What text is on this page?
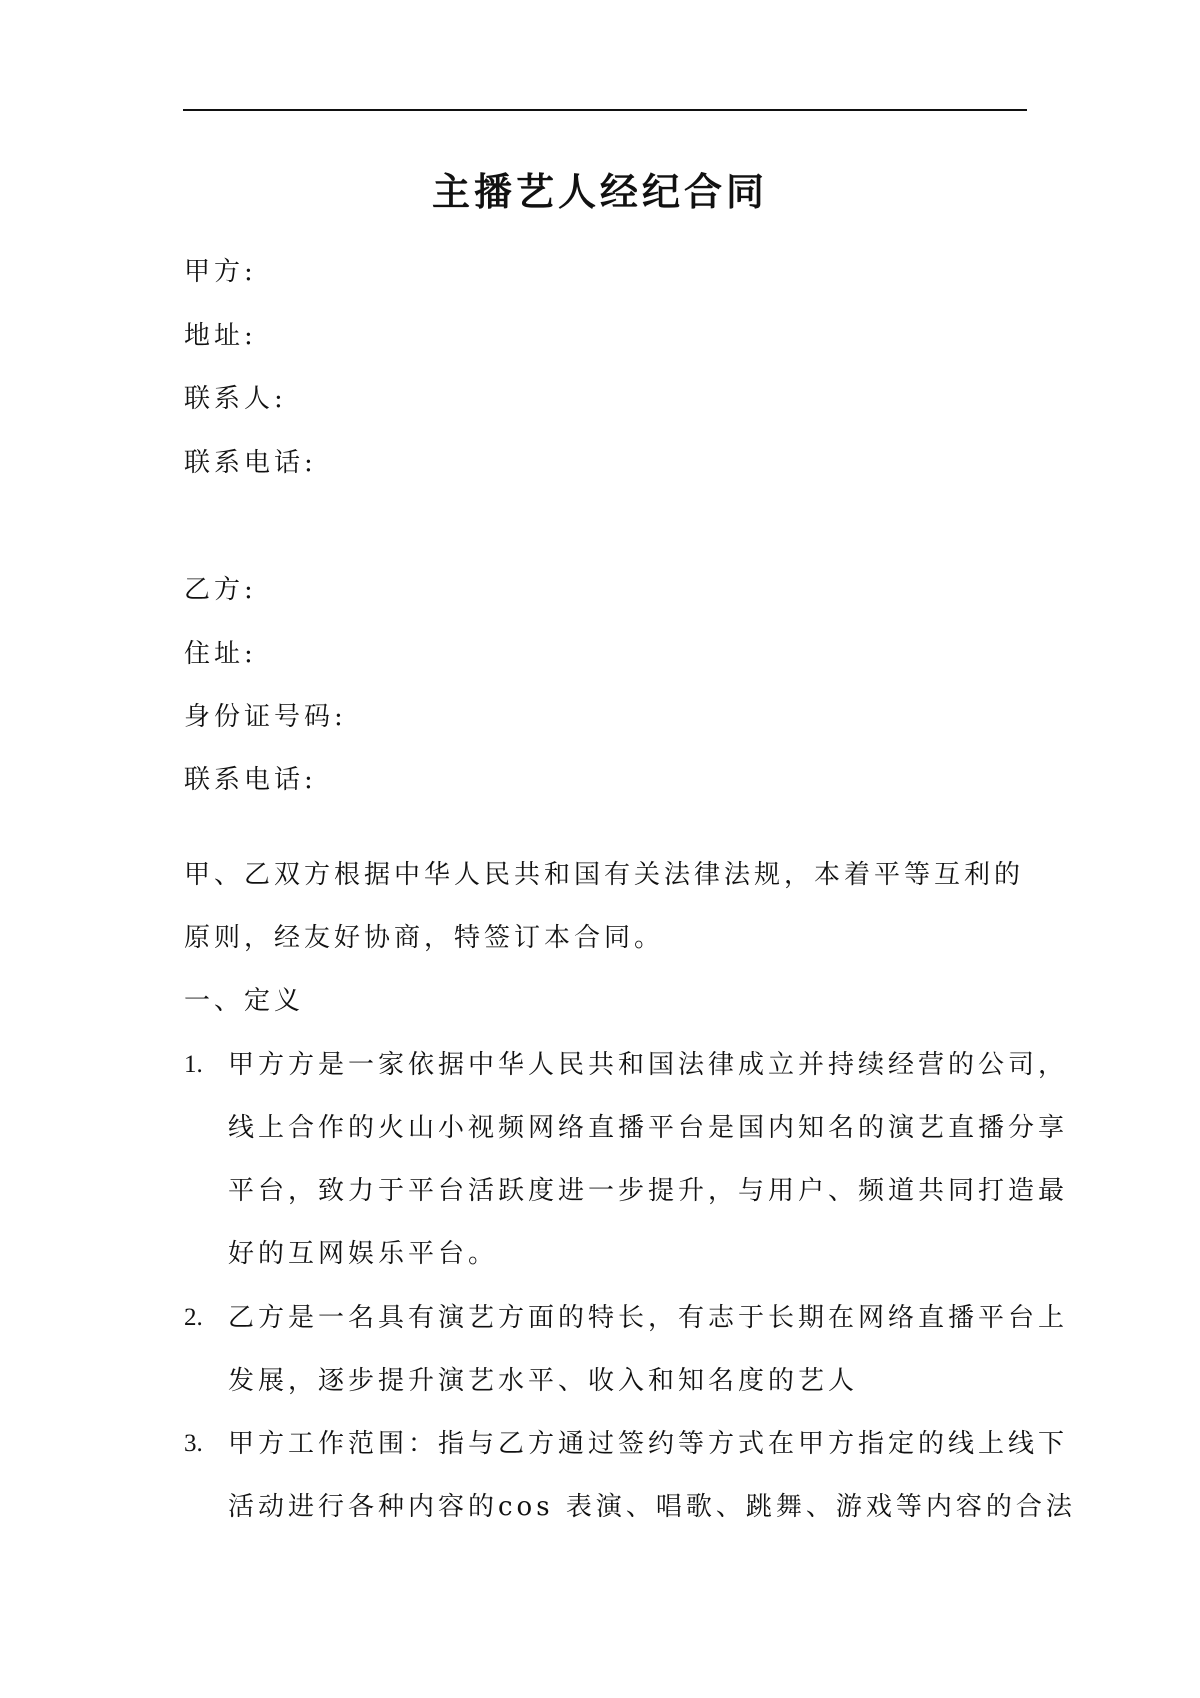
主播艺人经纪合同
甲方:
地址:
联系人:
联系电话:
乙方:
住址:
身份证号码:
联系电话:
甲、乙双方根据中华人民共和国有关法律法规，本着平等互利的
原则，经友好协商，特签订本合同。
一、定义
1. 甲方方是一家依据中华人民共和国法律成立并持续经营的公司，
线上合作的火山小视频网络直播平台是国内知名的演艺直播分享
平台，致力于平台活跃度进一步提升，与用户、频道共同打造最
好的互网娱乐平台。
2. 乙方是一名具有演艺方面的特长，有志于长期在网络直播平台上
发展，逐步提升演艺水平、收入和知名度的艺人
3. 甲方工作范围：指与乙方通过签约等方式在甲方指定的线上线下
活动进行各种内容的cos 表演、唱歌、跳舞、游戏等内容的合法
